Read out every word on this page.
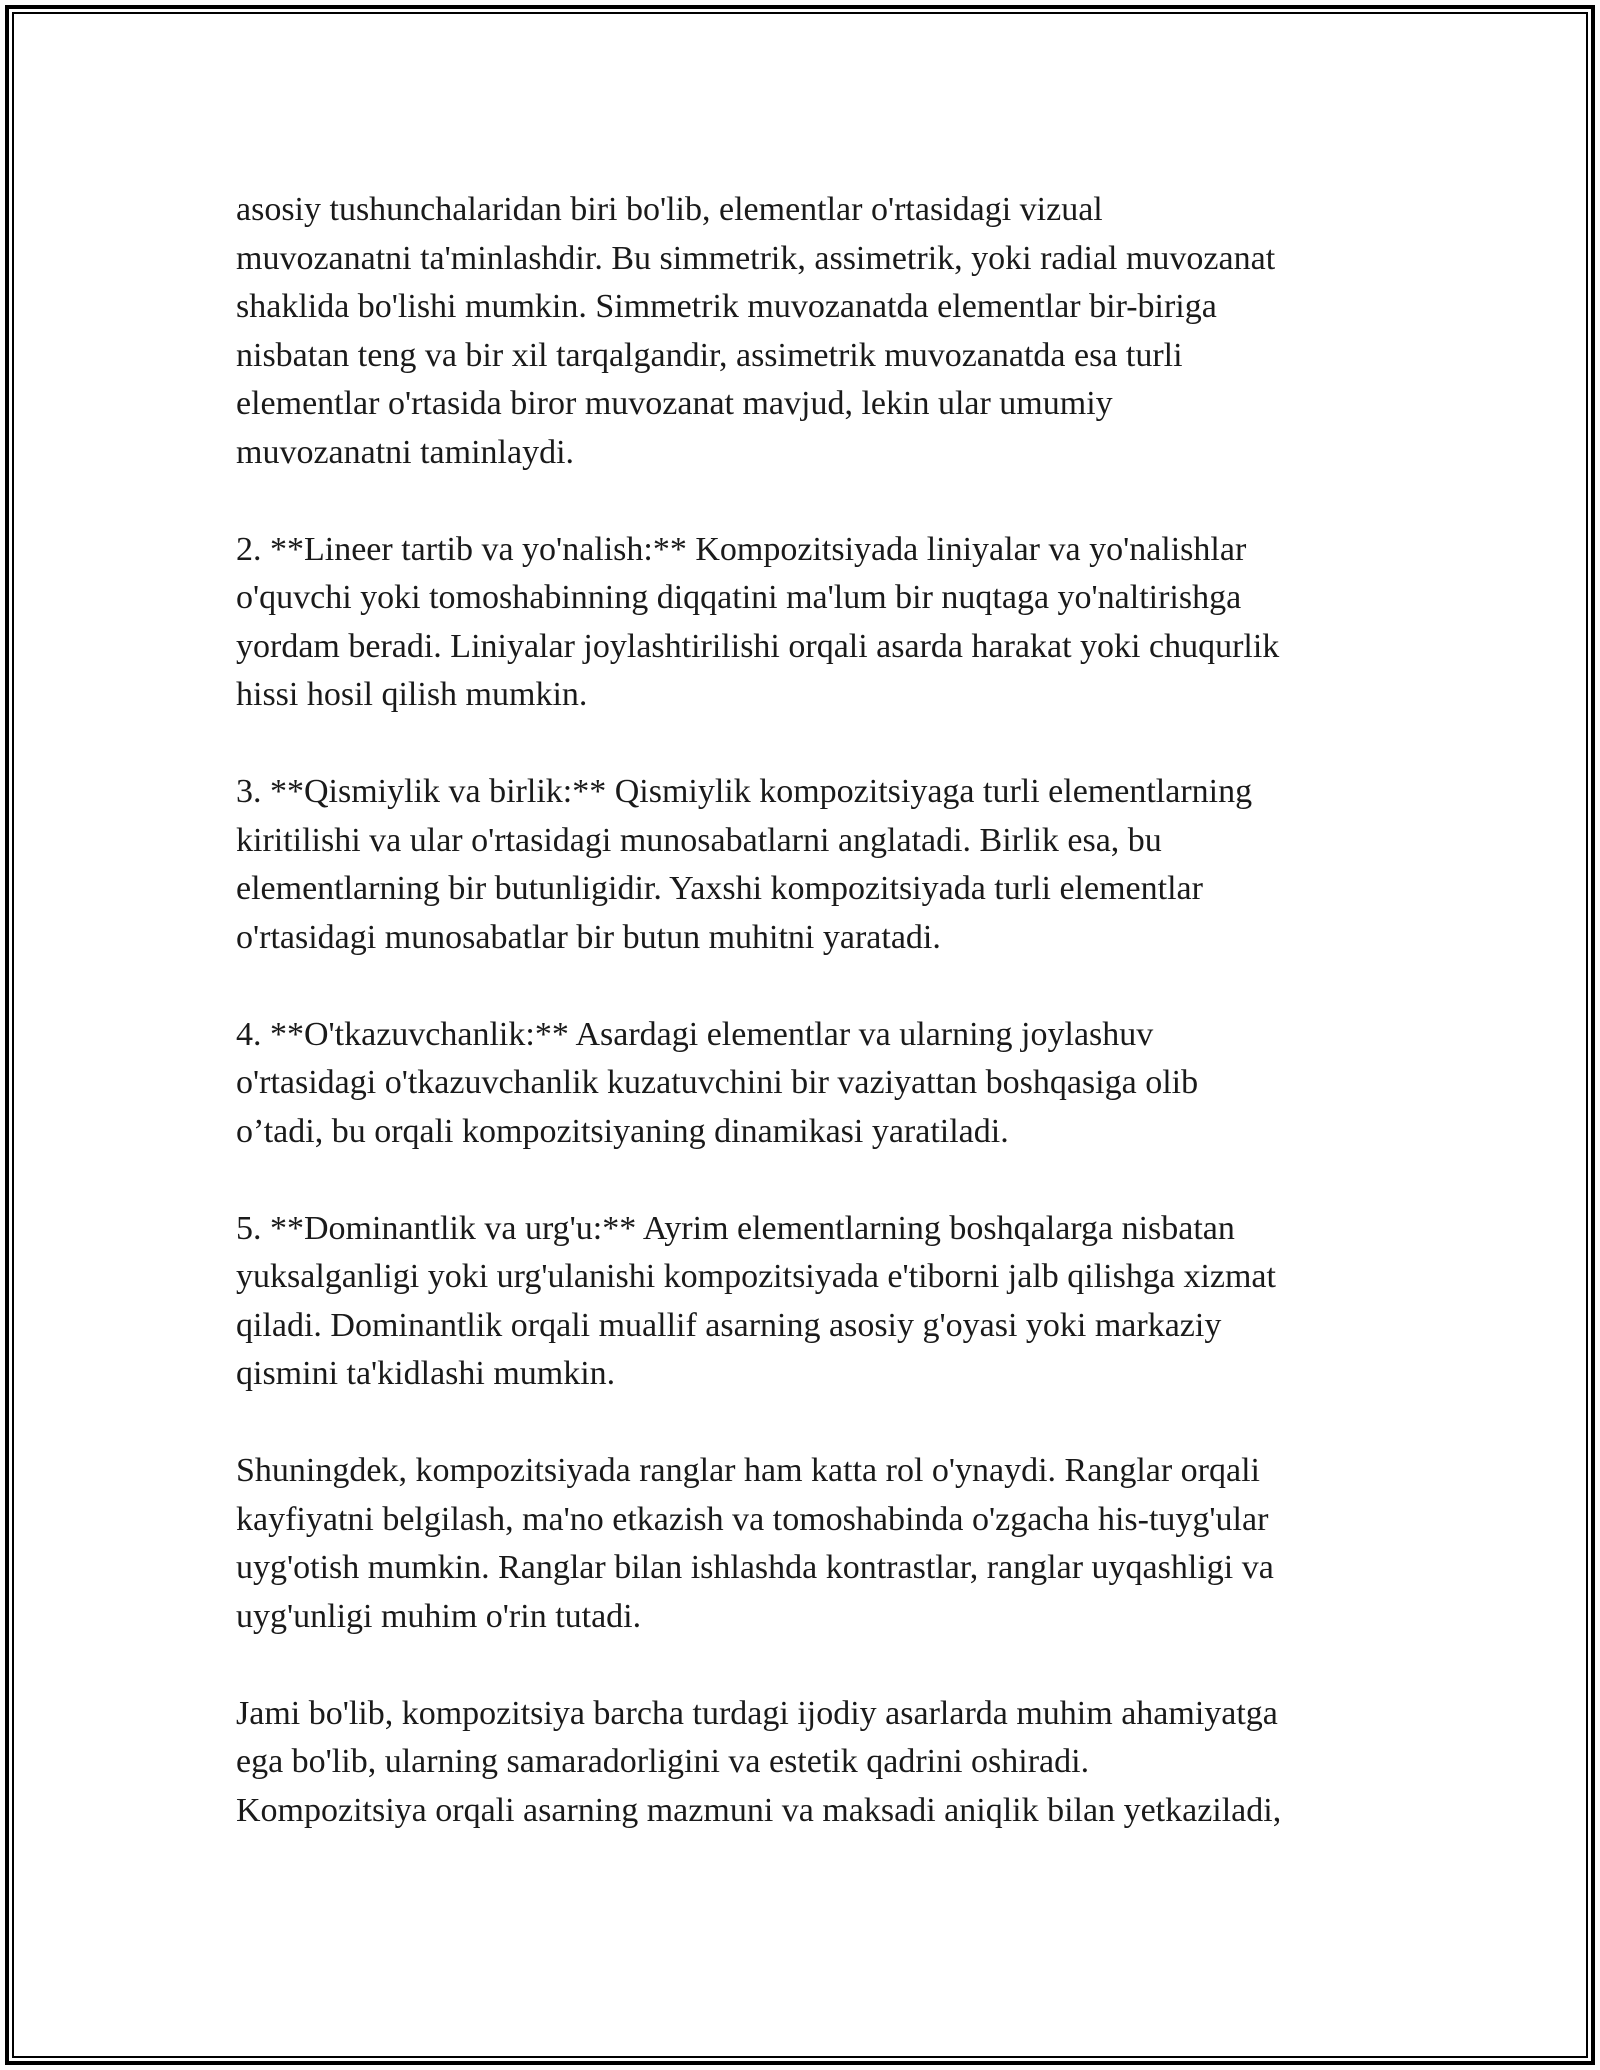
asosiy tushunchalaridan biri bo'lib, elementlar o'rtasidagi vizual
muvozanatni ta'minlashdir. Bu simmetrik, assimetrik, yoki radial muvozanat
shaklida bo'lishi mumkin. Simmetrik muvozanatda elementlar bir-biriga
nisbatan teng va bir xil tarqalgandir, assimetrik muvozanatda esa turli
elementlar o'rtasida biror muvozanat mavjud, lekin ular umumiy
muvozanatni taminlaydi.
2. **Lineer tartib va yo'nalish:** Kompozitsiyada liniyalar va yo'nalishlar
o'quvchi yoki tomoshabinning diqqatini ma'lum bir nuqtaga yo'naltirishga
yordam beradi. Liniyalar joylashtirilishi orqali asarda harakat yoki chuqurlik
hissi hosil qilish mumkin.
3. **Qismiylik va birlik:** Qismiylik kompozitsiyaga turli elementlarning
kiritilishi va ular o'rtasidagi munosabatlarni anglatadi. Birlik esa, bu
elementlarning bir butunligidir. Yaxshi kompozitsiyada turli elementlar
o'rtasidagi munosabatlar bir butun muhitni yaratadi.
4. **O'tkazuvchanlik:** Asardagi elementlar va ularning joylashuv
o'rtasidagi o'tkazuvchanlik kuzatuvchini bir vaziyattan boshqasiga olib
o’tadi, bu orqali kompozitsiyaning dinamikasi yaratiladi.
5. **Dominantlik va urg'u:** Ayrim elementlarning boshqalarga nisbatan
yuksalganligi yoki urg'ulanishi kompozitsiyada e'tiborni jalb qilishga xizmat
qiladi. Dominantlik orqali muallif asarning asosiy g'oyasi yoki markaziy
qismini ta'kidlashi mumkin.
Shuningdek, kompozitsiyada ranglar ham katta rol o'ynaydi. Ranglar orqali
kayfiyatni belgilash, ma'no etkazish va tomoshabinda o'zgacha his-tuyg'ular
uyg'otish mumkin. Ranglar bilan ishlashda kontrastlar, ranglar uyqashligi va
uyg'unligi muhim o'rin tutadi.
Jami bo'lib, kompozitsiya barcha turdagi ijodiy asarlarda muhim ahamiyatga
ega bo'lib, ularning samaradorligini va estetik qadrini oshiradi.
Kompozitsiya orqali asarning mazmuni va maksadi aniqlik bilan yetkaziladi,
